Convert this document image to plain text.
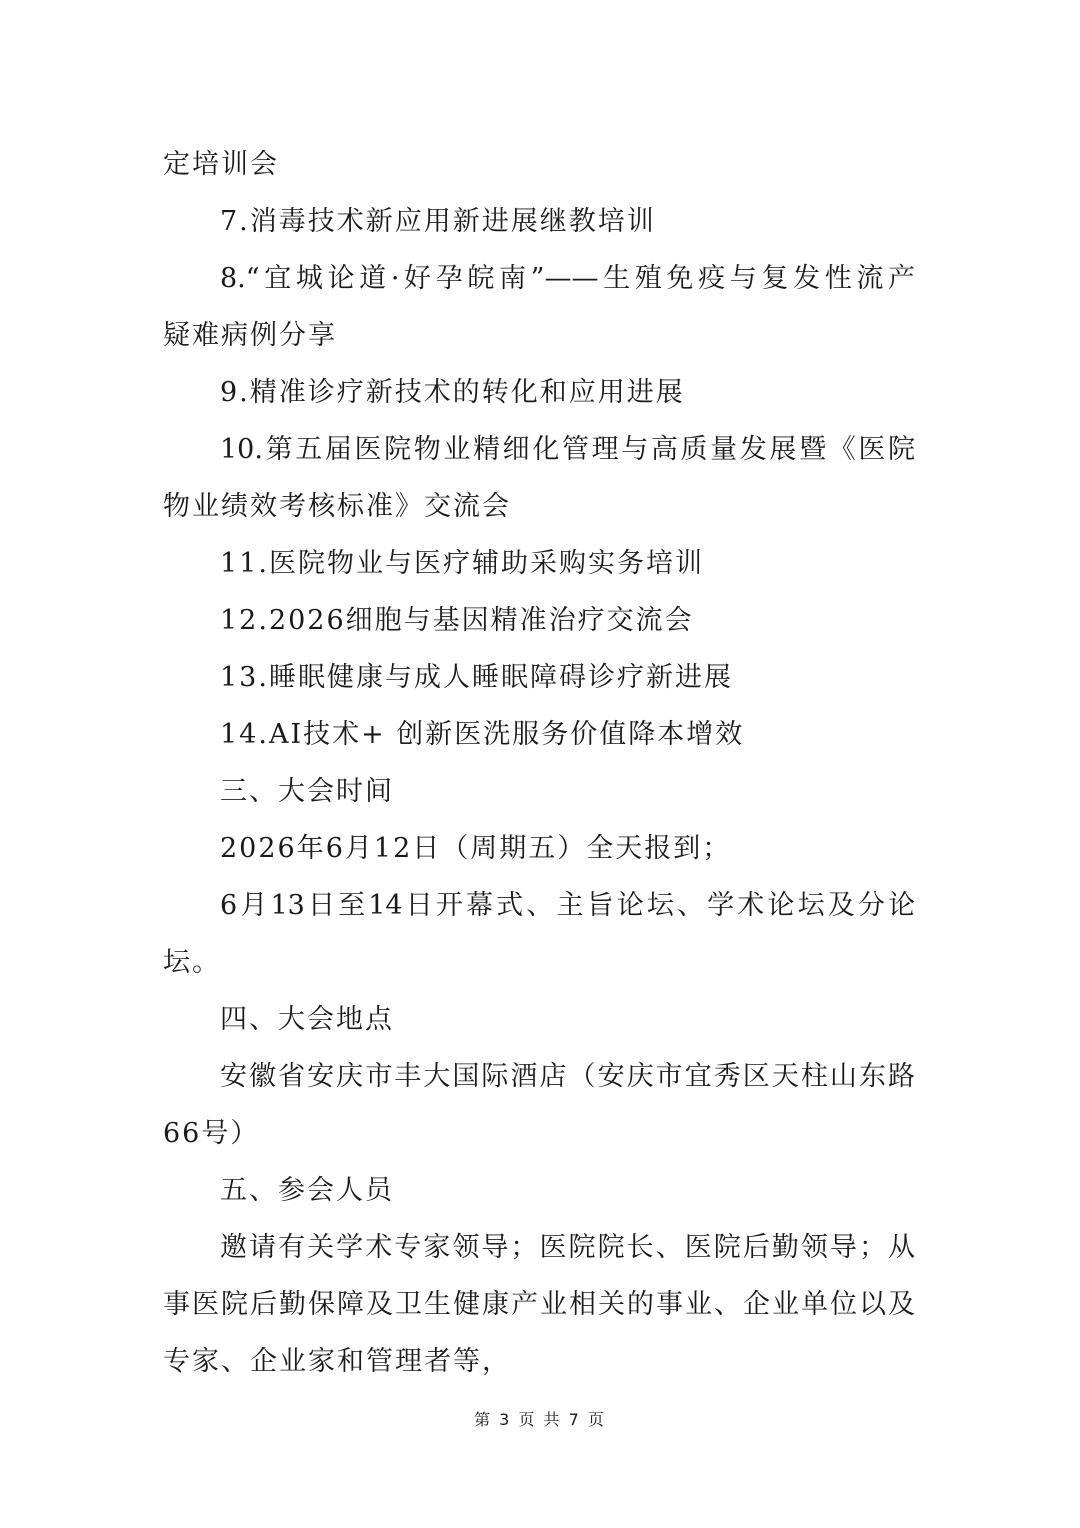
定培训会
7.消毒技术新应用新进展继教培训
8.“宜城论道·好孕皖南”——生殖免疫与复发性流产
疑难病例分享
9.精准诊疗新技术的转化和应用进展
10.第五届医院物业精细化管理与高质量发展暨《医院
物业绩效考核标准》交流会
11.医院物业与医疗辅助采购实务培训
12.2026细胞与基因精准治疗交流会
13.睡眠健康与成人睡眠障碍诊疗新进展
14.AI技术+ 创新医洗服务价值降本增效
三、大会时间
2026年6月12日（周期五）全天报到；
6月13日至14日开幕式、主旨论坛、学术论坛及分论
坛。
四、大会地点
安徽省安庆市丰大国际酒店（安庆市宜秀区天柱山东路
66号）
五、参会人员
邀请有关学术专家领导；医院院长、医院后勤领导；从
事医院后勤保障及卫生健康产业相关的事业、企业单位以及
专家、企业家和管理者等，
第 3 页 共 7 页
